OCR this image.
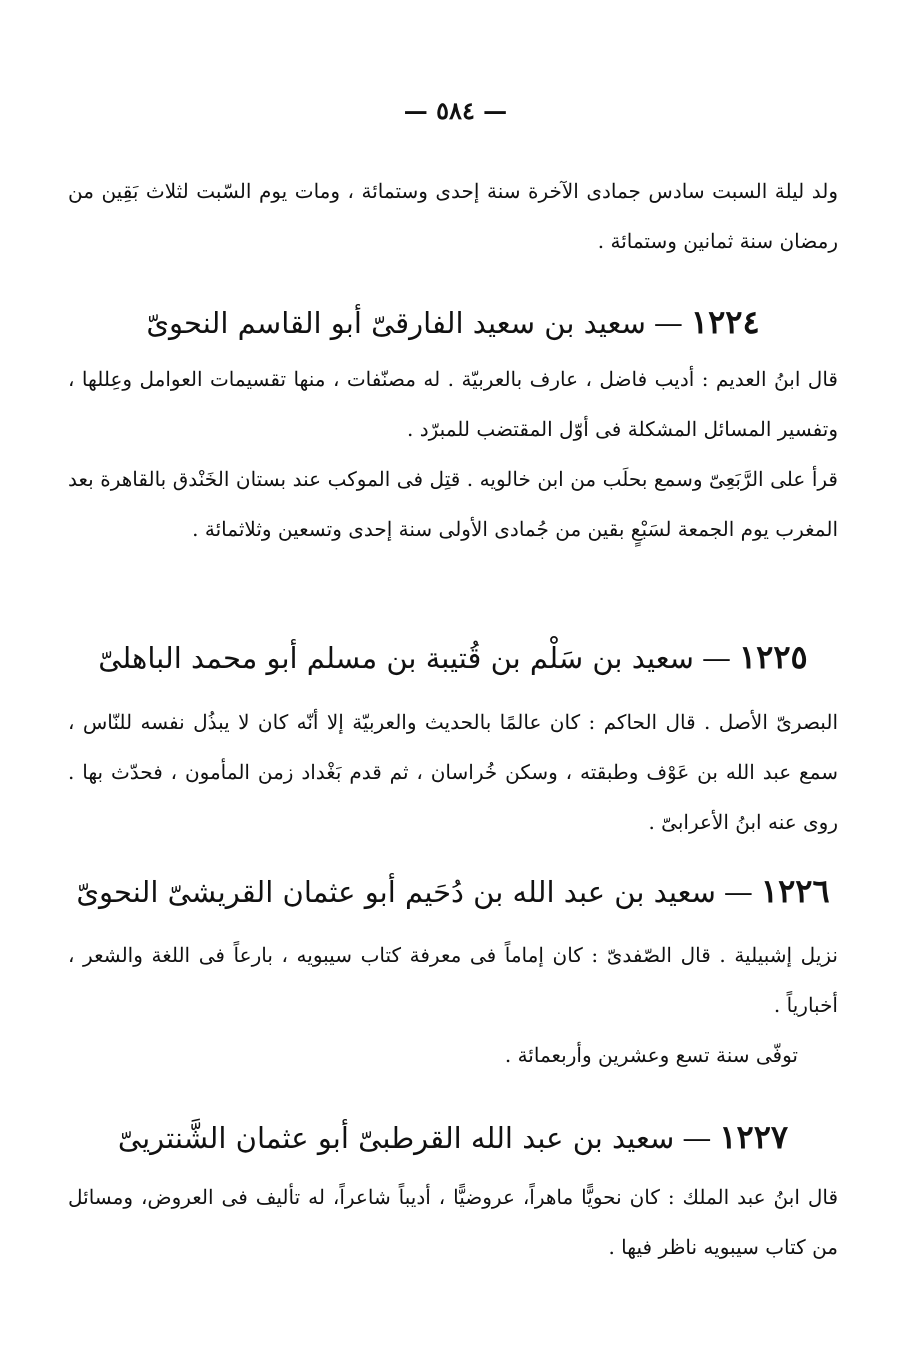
— ٥٨٤ —

ولد ليلة السبت سادس جمادى الآخرة سنة إحدى وستمائة ، ومات يوم السّبت لثلاث بَقِين من رمضان سنة ثمانين وستمائة .

١٢٢٤—سعيد بن سعيد الفارقىّ أبو القاسم النحوىّ

قال ابنُ العديم : أديب فاضل ، عارف بالعربيّة . له مصنّفات ، منها تقسيمات العوامل وعِللها ، وتفسير المسائل المشكلة فى أوّل المقتضب للمبرّد .

قرأ على الرَّبَعِىّ وسمع بحلَب من ابن خالويه . قتِل فى الموكب عند بستان الخَنْدق بالقاهرة بعد المغرب يوم الجمعة لسَبْعٍ بقين من جُمادى الأولى سنة إحدى وتسعين وثلاثمائة .

١٢٢٥—سعيد بن سَلْم بن قُتيبة بن مسلم أبو محمد الباهلىّ

البصرىّ الأصل . قال الحاكم : كان عالمًا بالحديث والعربيّة إلا أنّه كان لا يبذُل نفسه للنّاس ، سمع عبد الله بن عَوْف وطبقته ، وسكن خُراسان ، ثم قدم بَغْداد زمن المأمون ، فحدّث بها . روى عنه ابنُ الأعرابىّ .

١٢٢٦—سعيد بن عبد الله بن دُحَيم أبو عثمان القريشىّ النحوىّ

نزيل إشبيلية . قال الصّفدىّ : كان إماماً فى معرفة كتاب سيبويه ، بارعاً فى اللغة والشعر ، أخبارياً .

توفّى سنة تسع وعشرين وأربعمائة .

١٢٢٧—سعيد بن عبد الله القرطبىّ أبو عثمان الشَّنتريىّ

قال ابنُ عبد الملك : كان نحويًّا ماهراً، عروضيًّا ، أديباً شاعراً، له تأليف فى العروض، ومسائل من كتاب سيبويه ناظر فيها .
